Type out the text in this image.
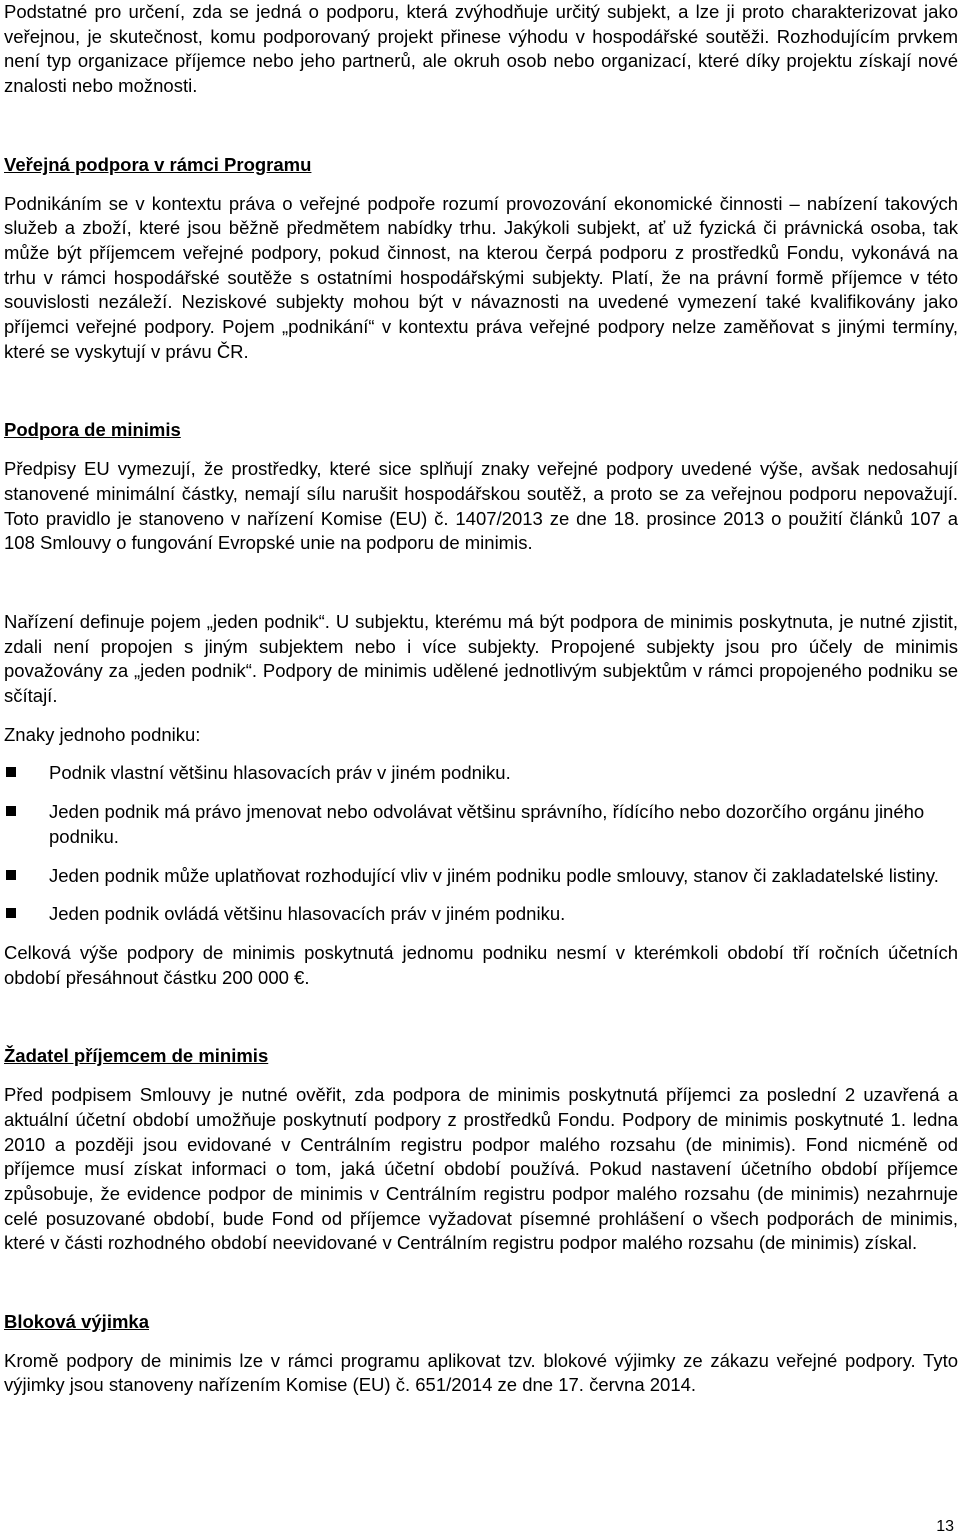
Podstatné pro určení, zda se jedná o podporu, která zvýhodňuje určitý subjekt, a lze ji proto charakterizovat jako veřejnou, je skutečnost, komu podporovaný projekt přinese výhodu v hospodářské soutěži. Rozhodujícím prvkem není typ organizace příjemce nebo jeho partnerů, ale okruh osob nebo organizací, které díky projektu získají nové znalosti nebo možnosti.

Veřejná podpora v rámci Programu

Podnikáním se v kontextu práva o veřejné podpoře rozumí provozování ekonomické činnosti – nabízení takových služeb a zboží, které jsou běžně předmětem nabídky trhu. Jakýkoli subjekt, ať už fyzická či právnická osoba, tak může být příjemcem veřejné podpory, pokud činnost, na kterou čerpá podporu z prostředků Fondu, vykonává na trhu v rámci hospodářské soutěže s ostatními hospodářskými subjekty. Platí, že na právní formě příjemce v této souvislosti nezáleží. Neziskové subjekty mohou být v návaznosti na uvedené vymezení také kvalifikovány jako příjemci veřejné podpory. Pojem „podnikání“ v kontextu práva veřejné podpory nelze zaměňovat s jinými termíny, které se vyskytují v právu ČR.

Podpora de minimis

Předpisy EU vymezují, že prostředky, které sice splňují znaky veřejné podpory uvedené výše, avšak nedosahují stanovené minimální částky, nemají sílu narušit hospodářskou soutěž, a proto se za veřejnou podporu nepovažují. Toto pravidlo je stanoveno v nařízení Komise (EU) č. 1407/2013 ze dne 18. prosince 2013 o použití článků 107 a 108 Smlouvy o fungování Evropské unie na podporu de minimis.

Nařízení definuje pojem „jeden podnik“. U subjektu, kterému má být podpora de minimis poskytnuta, je nutné zjistit, zdali není propojen s jiným subjektem nebo i více subjekty. Propojené subjekty jsou pro účely de minimis považovány za „jeden podnik“. Podpory de minimis udělené jednotlivým subjektům v rámci propojeného podniku se sčítají.

Znaky jednoho podniku:

Podnik vlastní většinu hlasovacích práv v jiném podniku.
Jeden podnik má právo jmenovat nebo odvolávat většinu správního, řídícího nebo dozorčího orgánu jiného podniku.
Jeden podnik může uplatňovat rozhodující vliv v jiném podniku podle smlouvy, stanov či zakladatelské listiny.
Jeden podnik ovládá většinu hlasovacích práv v jiném podniku.

Celková výše podpory de minimis poskytnutá jednomu podniku nesmí v kterémkoli období tří ročních účetních období přesáhnout částku 200 000 €.

Žadatel příjemcem de minimis

Před podpisem Smlouvy je nutné ověřit, zda podpora de minimis poskytnutá příjemci za poslední 2 uzavřená a aktuální účetní období umožňuje poskytnutí podpory z prostředků Fondu. Podpory de minimis poskytnuté 1. ledna 2010 a později jsou evidované v Centrálním registru podpor malého rozsahu (de minimis). Fond nicméně od příjemce musí získat informaci o tom, jaká účetní období používá. Pokud nastavení účetního období příjemce způsobuje, že evidence podpor de minimis v Centrálním registru podpor malého rozsahu (de minimis) nezahrnuje celé posuzované období, bude Fond od příjemce vyžadovat písemné prohlášení o všech podporách de minimis, které v části rozhodného období neevidované v Centrálním registru podpor malého rozsahu (de minimis) získal.

Bloková výjimka

Kromě podpory de minimis lze v rámci programu aplikovat tzv. blokové výjimky ze zákazu veřejné podpory. Tyto výjimky jsou stanoveny nařízením Komise (EU) č. 651/2014 ze dne 17. června 2014.

13
